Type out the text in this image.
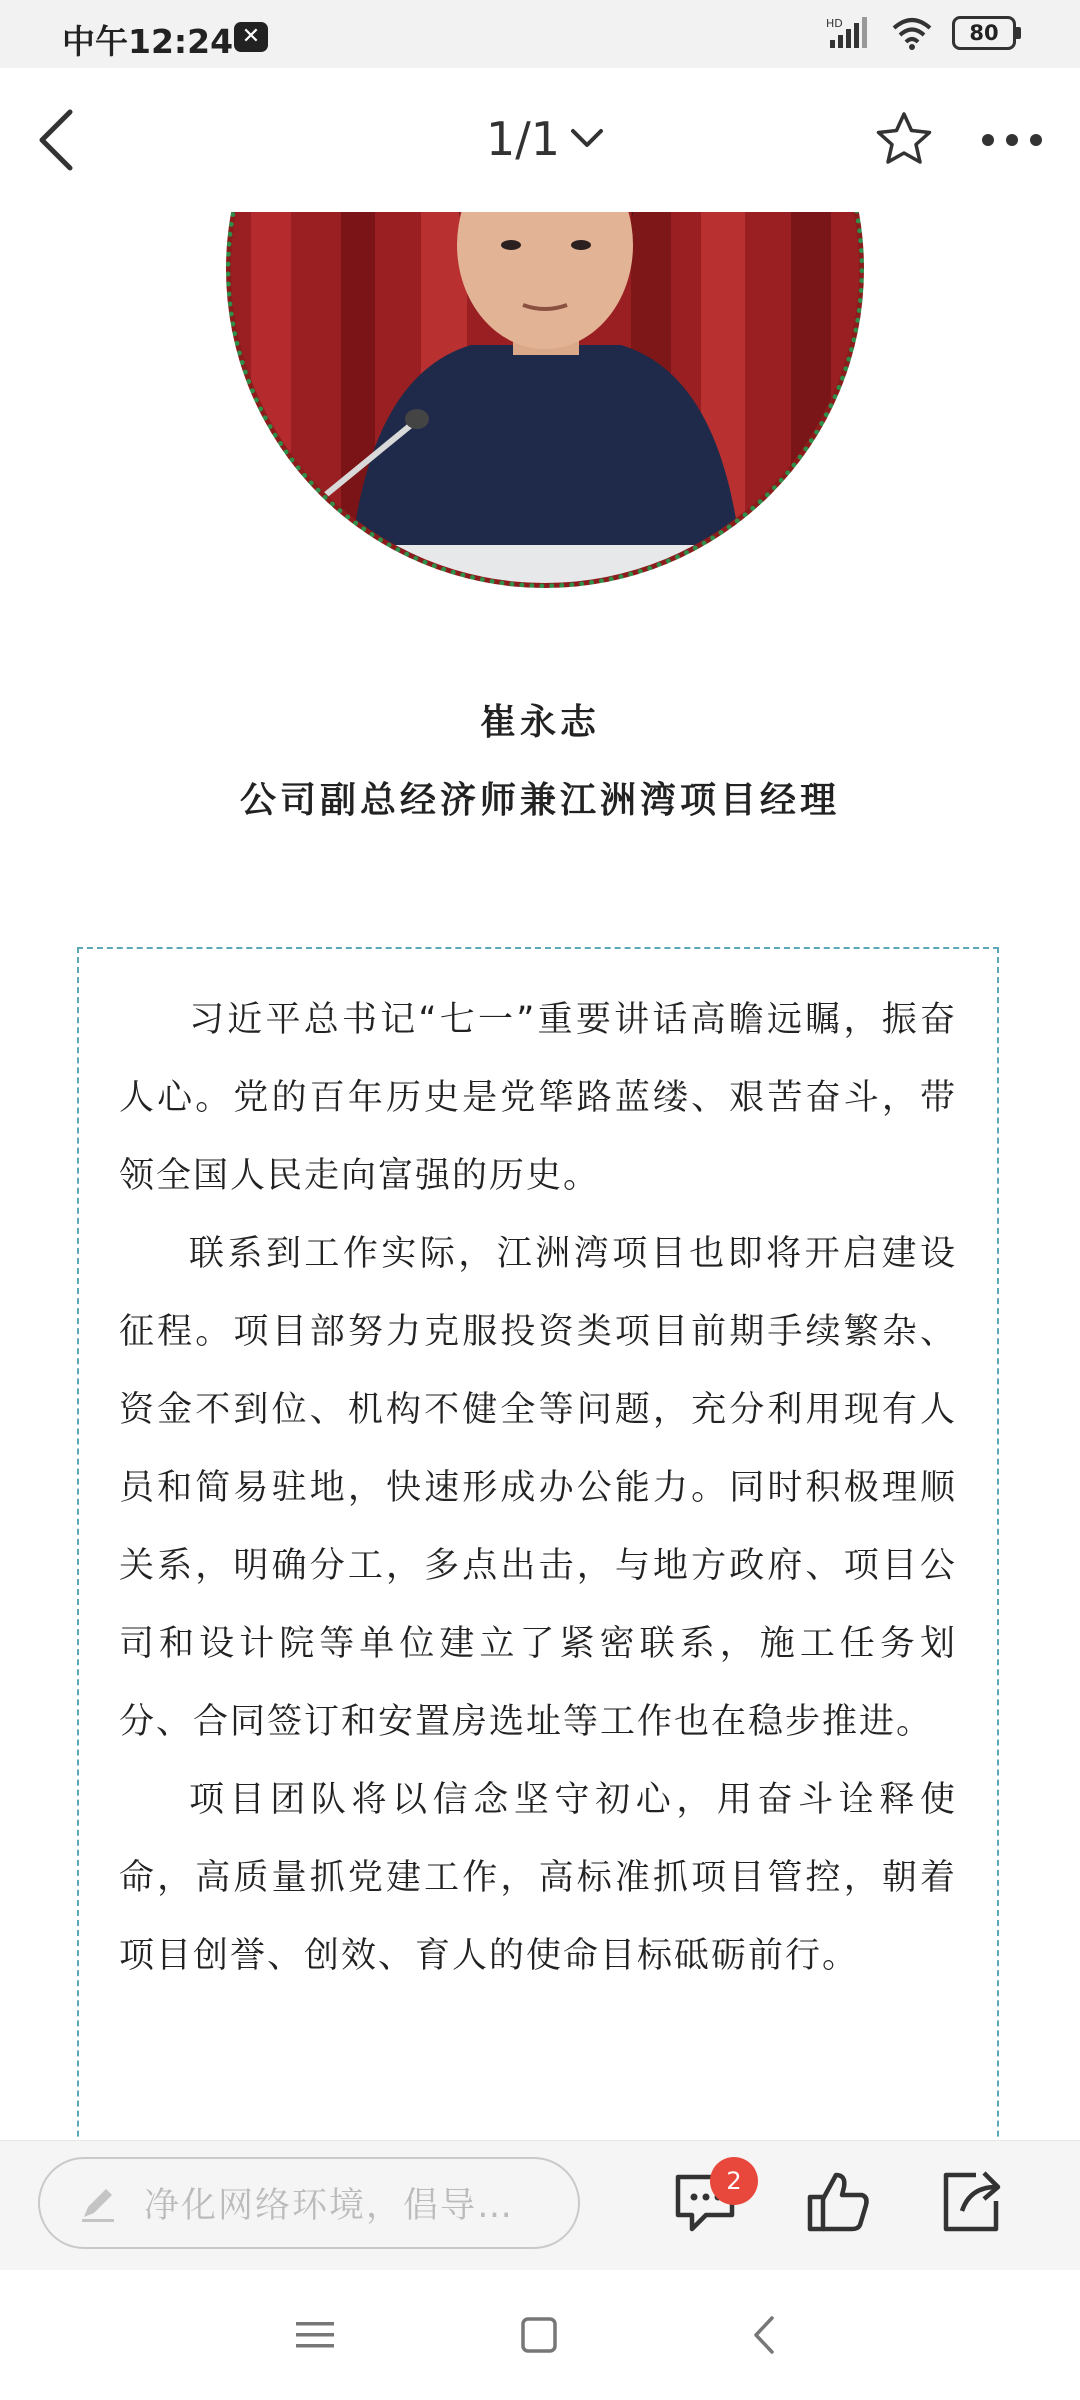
中午12:24 ✕
HD	80
1/1
崔永志
公司副总经济师兼江洲湾项目经理

习近平总书记“七一”重要讲话高瞻远瞩，振奋人心。党的百年历史是党筚路蓝缕、艰苦奋斗，带领全国人民走向富强的历史。

联系到工作实际，江洲湾项目也即将开启建设征程。项目部努力克服投资类项目前期手续繁杂、资金不到位、机构不健全等问题，充分利用现有人员和简易驻地，快速形成办公能力。同时积极理顺关系，明确分工，多点出击，与地方政府、项目公司和设计院等单位建立了紧密联系，施工任务划分、合同签订和安置房选址等工作也在稳步推进。

项目团队将以信念坚守初心，用奋斗诠释使命，高质量抓党建工作，高标准抓项目管控，朝着项目创誉、创效、育人的使命目标砥砺前行。

净化网络环境，倡导…
2
